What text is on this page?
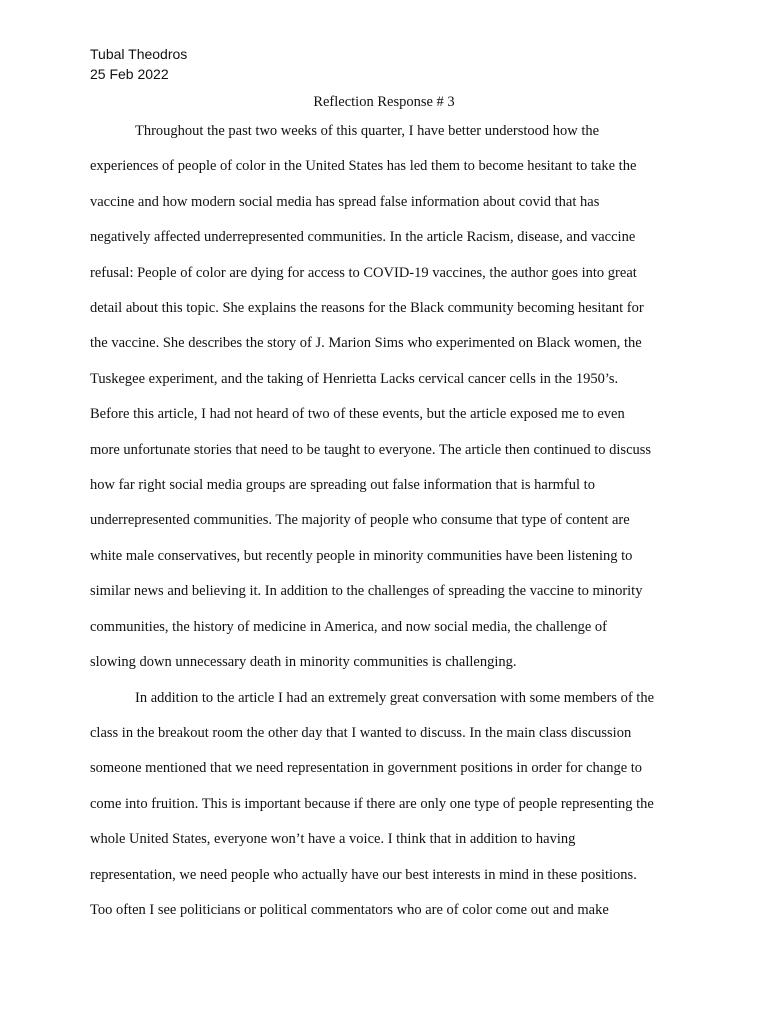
Tubal Theodros
25 Feb 2022
Reflection Response # 3

Throughout the past two weeks of this quarter, I have better understood how the
experiences of people of color in the United States has led them to become hesitant to take the
vaccine and how modern social media has spread false information about covid that has
negatively affected underrepresented communities. In the article Racism, disease, and vaccine
refusal: People of color are dying for access to COVID-19 vaccines, the author goes into great
detail about this topic. She explains the reasons for the Black community becoming hesitant for
the vaccine. She describes the story of J. Marion Sims who experimented on Black women, the
Tuskegee experiment, and the taking of Henrietta Lacks cervical cancer cells in the 1950’s.
Before this article, I had not heard of two of these events, but the article exposed me to even
more unfortunate stories that need to be taught to everyone. The article then continued to discuss
how far right social media groups are spreading out false information that is harmful to
underrepresented communities. The majority of people who consume that type of content are
white male conservatives, but recently people in minority communities have been listening to
similar news and believing it. In addition to the challenges of spreading the vaccine to minority
communities, the history of medicine in America, and now social media, the challenge of
slowing down unnecessary death in minority communities is challenging.

In addition to the article I had an extremely great conversation with some members of the
class in the breakout room the other day that I wanted to discuss. In the main class discussion
someone mentioned that we need representation in government positions in order for change to
come into fruition. This is important because if there are only one type of people representing the
whole United States, everyone won’t have a voice. I think that in addition to having
representation, we need people who actually have our best interests in mind in these positions.
Too often I see politicians or political commentators who are of color come out and make
